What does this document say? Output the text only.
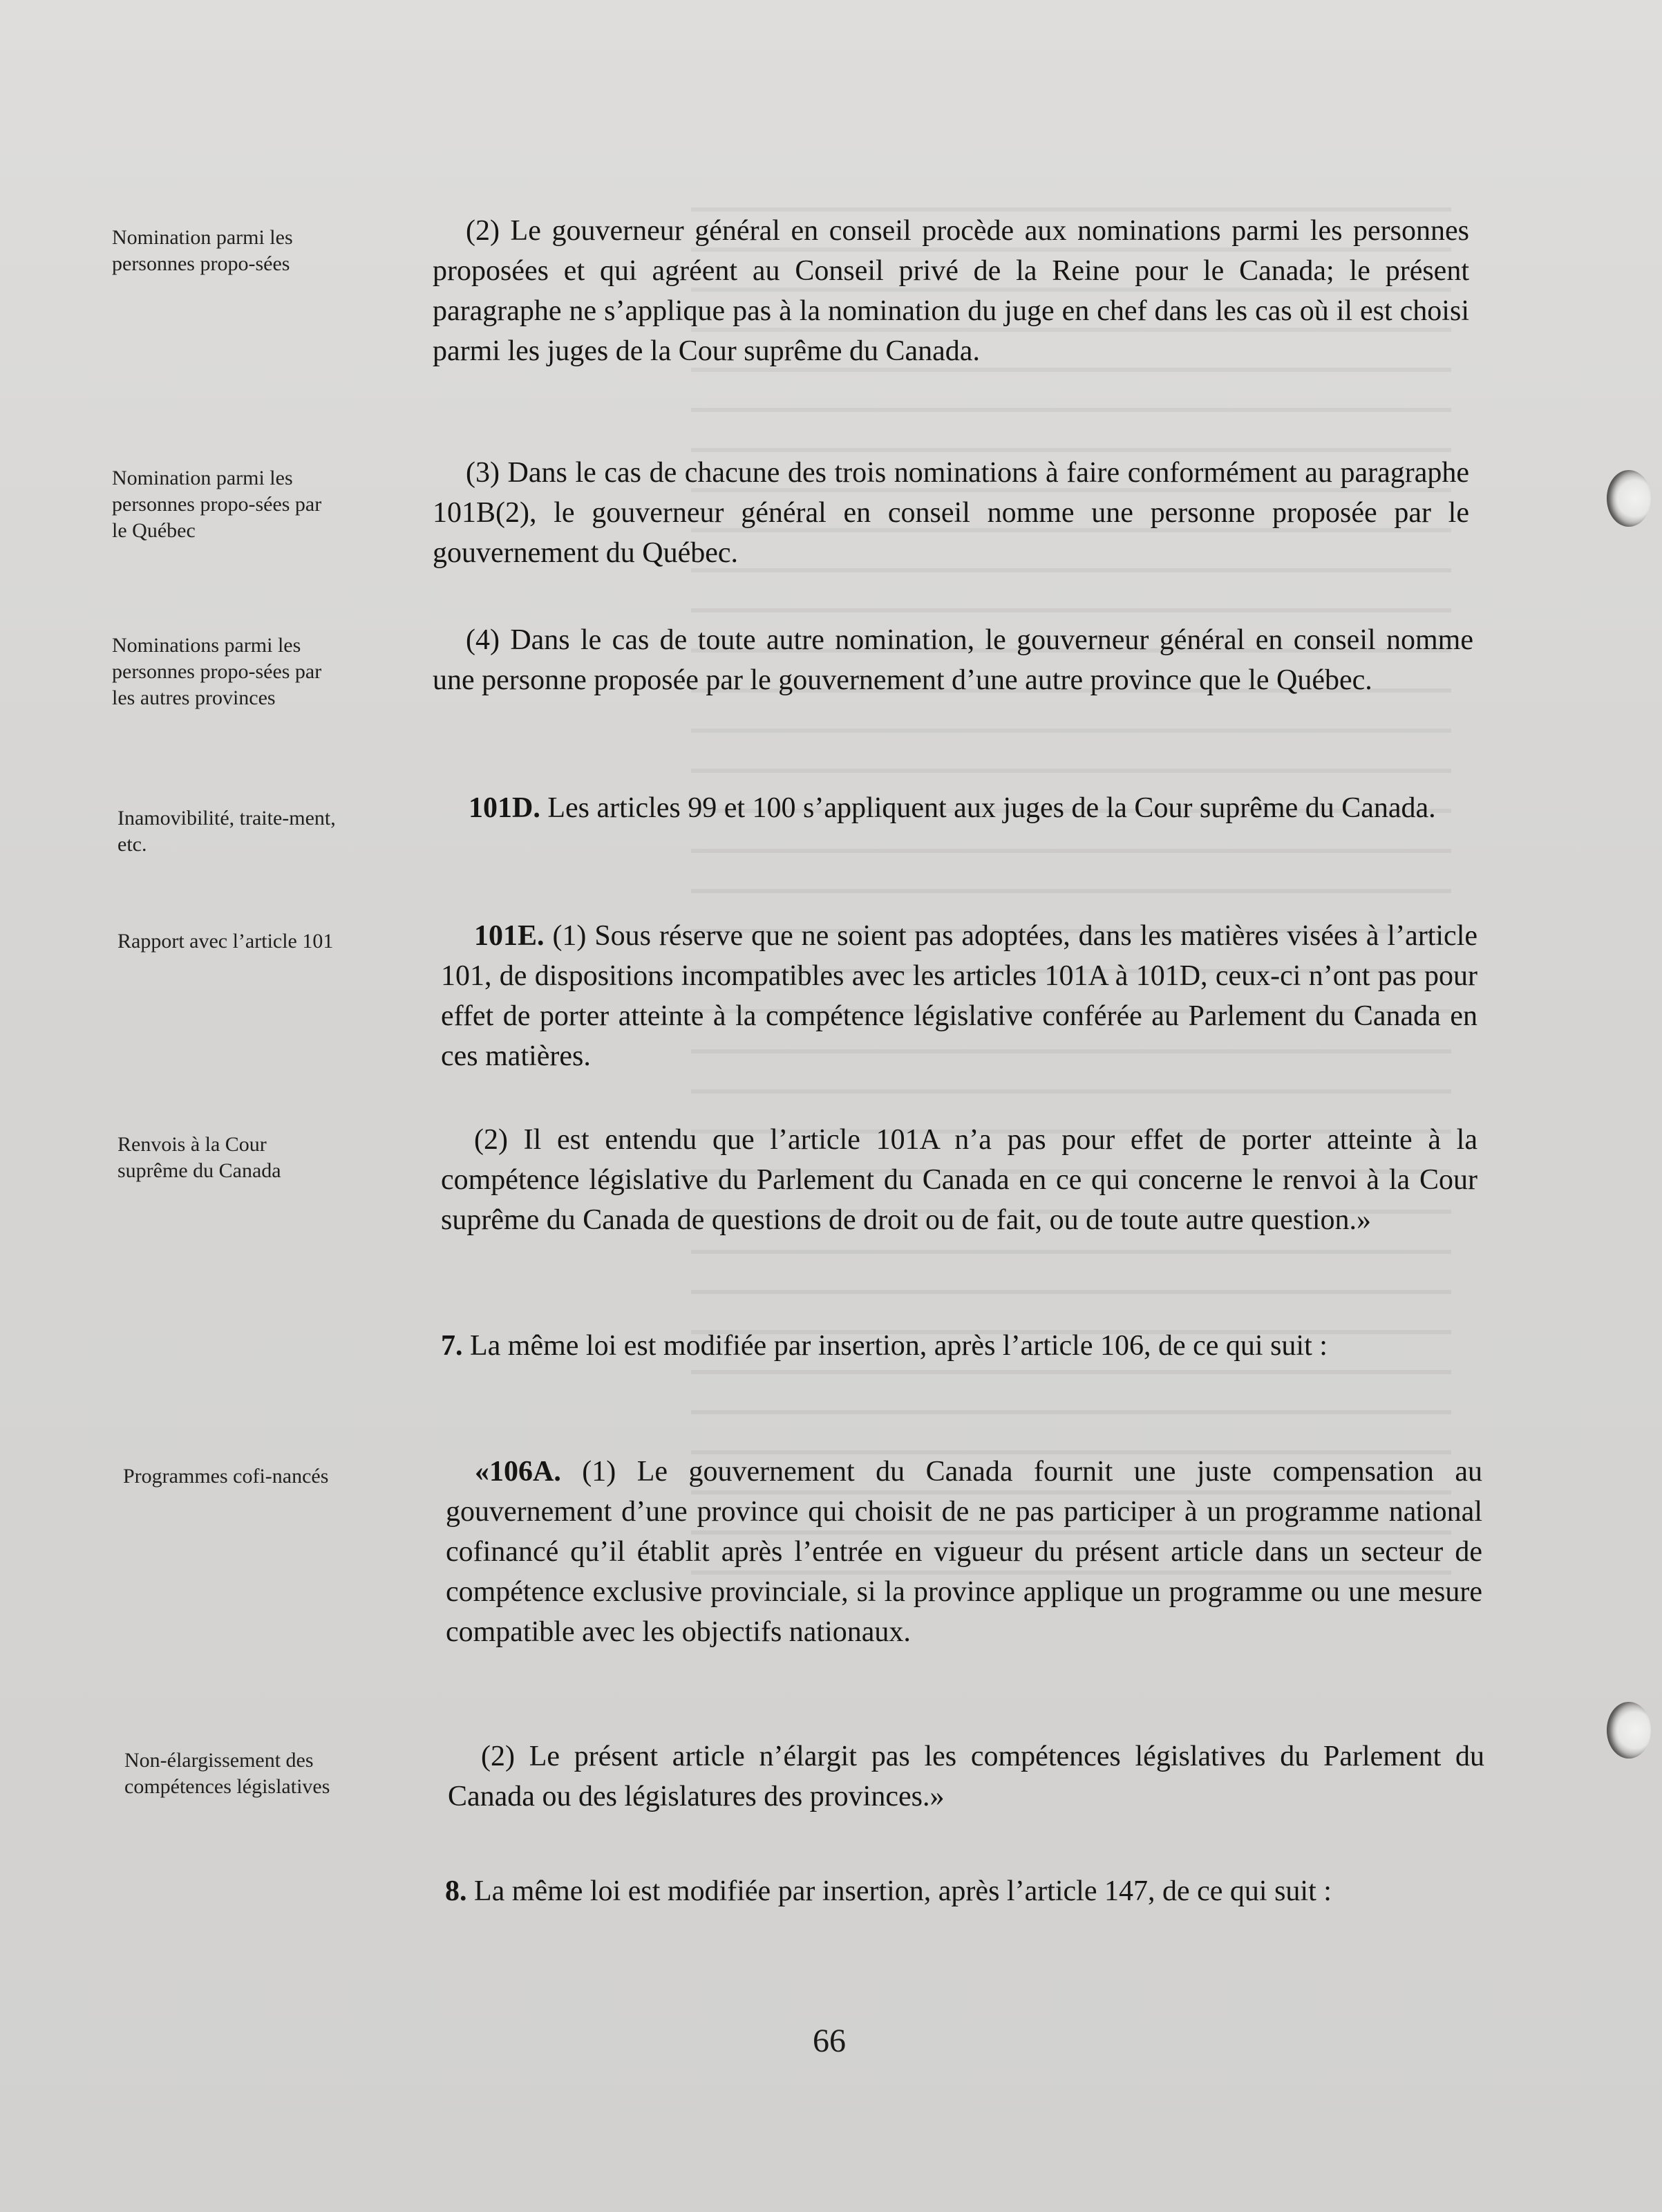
Nomination parmi les personnes propo-sées
Nomination parmi les personnes propo-sées par le Québec
Nominations parmi les personnes propo-sées par les autres provinces
Inamovibilité, traite-ment, etc.
Rapport avec l’article 101
Renvois à la Cour suprême du Canada
Programmes cofi-nancés
Non-élargissement des compétences législatives
(2) Le gouverneur général en conseil procède aux nominations parmi les personnes proposées et qui agréent au Conseil privé de la Reine pour le Canada; le présent paragraphe ne s’applique pas à la nomination du juge en chef dans les cas où il est choisi parmi les juges de la Cour suprême du Canada.
(3) Dans le cas de chacune des trois nominations à faire conformément au paragraphe 101B(2), le gouverneur général en conseil nomme une personne proposée par le gouvernement du Québec.
(4) Dans le cas de toute autre nomination, le gouverneur général en conseil nomme une personne proposée par le gouvernement d’une autre province que le Québec.
101D. Les articles 99 et 100 s’appliquent aux juges de la Cour suprême du Canada.
101E. (1) Sous réserve que ne soient pas adoptées, dans les matières visées à l’article 101, de dispositions incompatibles avec les articles 101A à 101D, ceux-ci n’ont pas pour effet de porter atteinte à la compétence législative conférée au Parlement du Canada en ces matières.
(2) Il est entendu que l’article 101A n’a pas pour effet de porter atteinte à la compétence législative du Parlement du Canada en ce qui concerne le renvoi à la Cour suprême du Canada de questions de droit ou de fait, ou de toute autre question.»
7. La même loi est modifiée par insertion, après l’article 106, de ce qui suit :
«106A. (1) Le gouvernement du Canada fournit une juste compensation au gouvernement d’une province qui choisit de ne pas participer à un programme national cofinancé qu’il établit après l’entrée en vigueur du présent article dans un secteur de compétence exclusive provinciale, si la province applique un programme ou une mesure compatible avec les objectifs nationaux.
(2) Le présent article n’élargit pas les compétences législatives du Parlement du Canada ou des législatures des provinces.»
8. La même loi est modifiée par insertion, après l’article 147, de ce qui suit :
66
